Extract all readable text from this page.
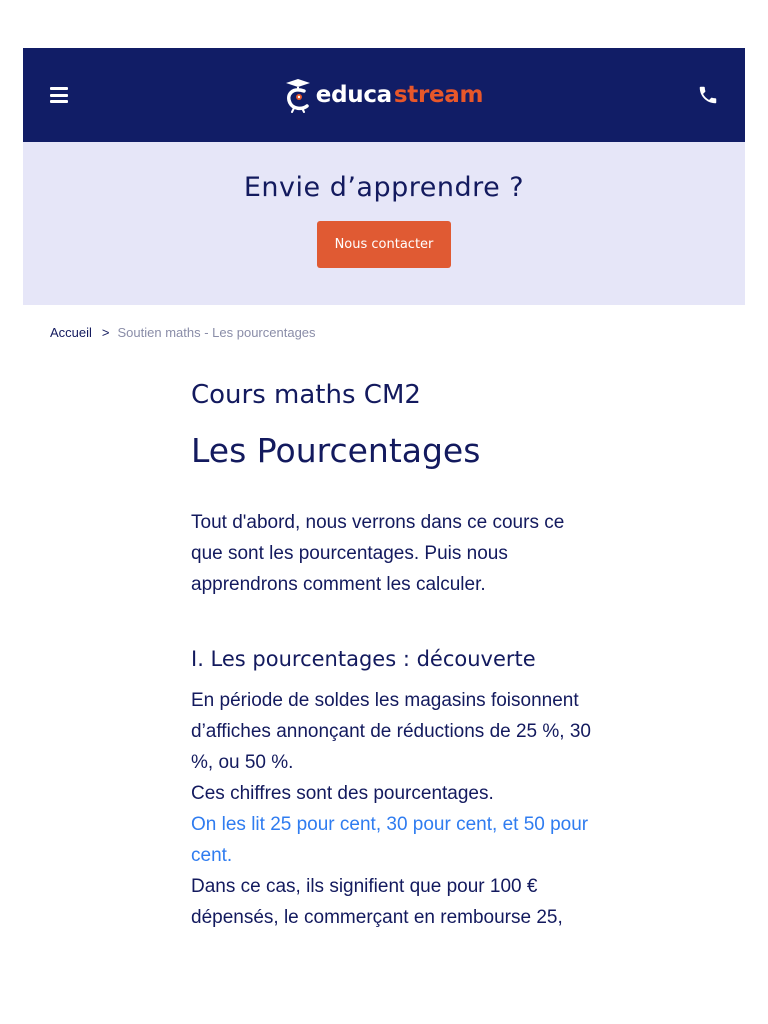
educa stream
Envie d’apprendre ?
Nous contacter
Accueil > Soutien maths - Les pourcentages
Cours maths CM2
Les Pourcentages
Tout d'abord, nous verrons dans ce cours ce que sont les pourcentages. Puis nous apprendrons comment les calculer.
I. Les pourcentages : découverte
En période de soldes les magasins foisonnent d’affiches annonçant de réductions de 25 %, 30 %, ou 50 %.
Ces chiffres sont des pourcentages.
On les lit 25 pour cent, 30 pour cent, et 50 pour cent.
Dans ce cas, ils signifient que pour 100 € dépensés, le commerçant en rembourse 25,
